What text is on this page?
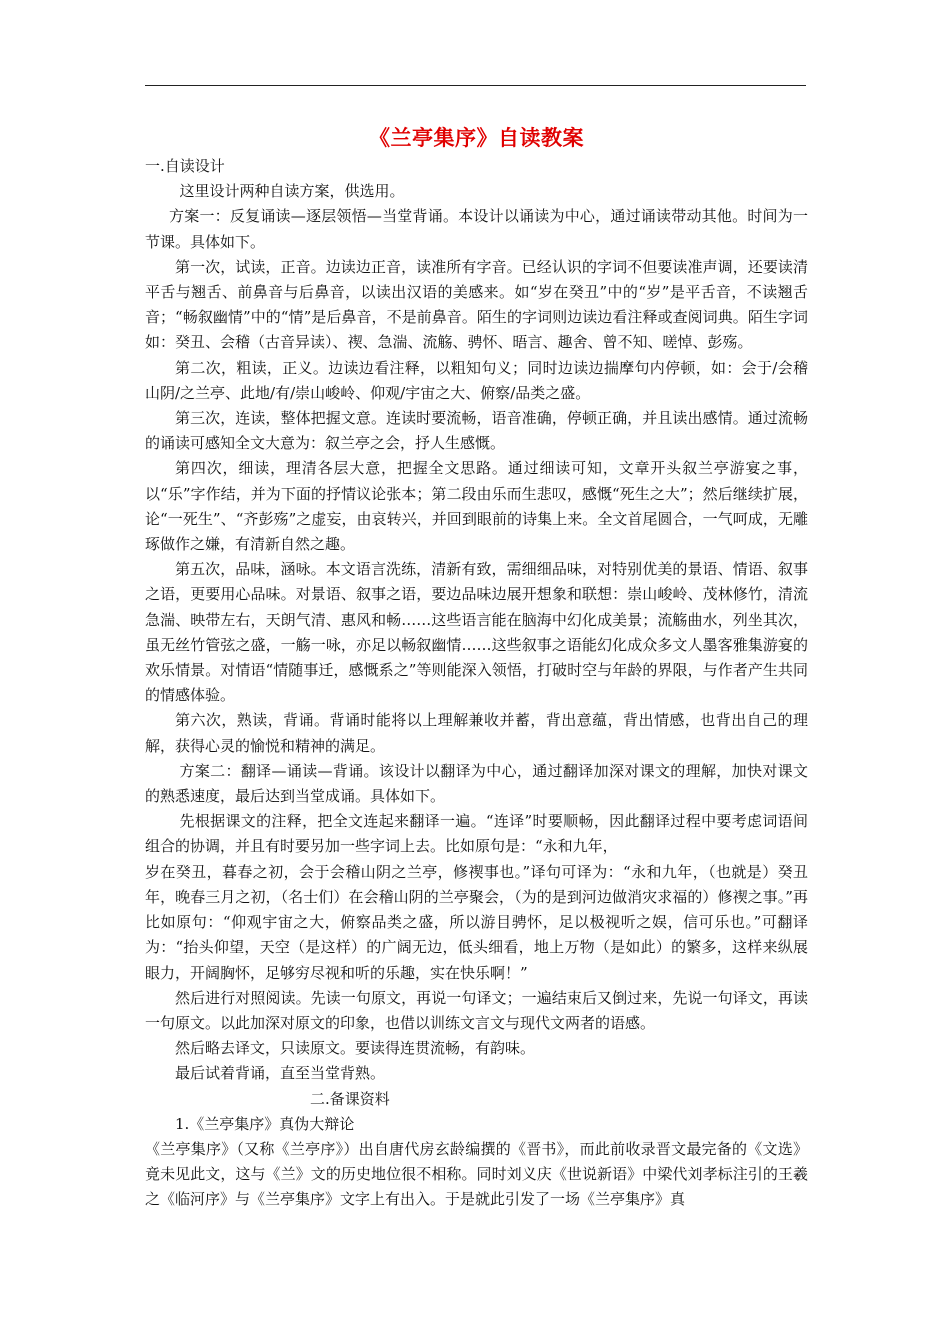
《兰亭集序》自读教案

一.自读设计

这里设计两种自读方案，供选用。

方案一：反复诵读—逐层领悟—当堂背诵。本设计以诵读为中心，通过诵读带动其他。时间为一节课。具体如下。

第一次，试读，正音。边读边正音，读准所有字音。已经认识的字词不但要读准声调，还要读清平舌与翘舌、前鼻音与后鼻音，以读出汉语的美感来。如“岁在癸丑”中的“岁”是平舌音，不读翘舌音；“畅叙幽情”中的“情”是后鼻音，不是前鼻音。陌生的字词则边读边看注释或查阅词典。陌生字词如：癸丑、会稽（古音异读）、禊、急湍、流觞、骋怀、晤言、趣舍、曾不知、嗟悼、彭殇。

第二次，粗读，正义。边读边看注释，以粗知句义；同时边读边揣摩句内停顿，如：会于/会稽山阴/之兰亭、此地/有/崇山峻岭、仰观/宇宙之大、俯察/品类之盛。

第三次，连读，整体把握文意。连读时要流畅，语音准确，停顿正确，并且读出感情。通过流畅的诵读可感知全文大意为：叙兰亭之会，抒人生感慨。

第四次，细读，理清各层大意，把握全文思路。通过细读可知，文章开头叙兰亭游宴之事，以“乐”字作结，并为下面的抒情议论张本；第二段由乐而生悲叹，感慨“死生之大”；然后继续扩展，论“一死生”、“齐彭殇”之虚妄，由哀转兴，并回到眼前的诗集上来。全文首尾圆合，一气呵成，无雕琢做作之嫌，有清新自然之趣。

第五次，品味，涵咏。本文语言洗练，清新有致，需细细品味，对特别优美的景语、情语、叙事之语，更要用心品味。对景语、叙事之语，要边品味边展开想象和联想：崇山峻岭、茂林修竹，清流急湍、映带左右，天朗气清、惠风和畅……这些语言能在脑海中幻化成美景；流觞曲水，列坐其次，虽无丝竹管弦之盛，一觞一咏，亦足以畅叙幽情……这些叙事之语能幻化成众多文人墨客雅集游宴的欢乐情景。对情语“情随事迁，感慨系之”等则能深入领悟，打破时空与年龄的界限，与作者产生共同的情感体验。

第六次，熟读，背诵。背诵时能将以上理解兼收并蓄，背出意蕴，背出情感，也背出自己的理解，获得心灵的愉悦和精神的满足。

方案二：翻译—诵读—背诵。该设计以翻译为中心，通过翻译加深对课文的理解，加快对课文的熟悉速度，最后达到当堂成诵。具体如下。

先根据课文的注释，把全文连起来翻译一遍。“连译”时要顺畅，因此翻译过程中要考虑词语间组合的协调，并且有时要另加一些字词上去。比如原句是：“永和九年，

岁在癸丑，暮春之初，会于会稽山阴之兰亭，修禊事也。”译句可译为：“永和九年，（也就是）癸丑年，晚春三月之初，（名士们）在会稽山阴的兰亭聚会，（为的是到河边做消灾求福的）修禊之事。”再比如原句：“仰观宇宙之大，俯察品类之盛，所以游目骋怀，足以极视听之娱，信可乐也。”可翻译为：“抬头仰望，天空（是这样）的广阔无边，低头细看，地上万物（是如此）的繁多，这样来纵展眼力，开阔胸怀，足够穷尽视和听的乐趣，实在快乐啊！”

然后进行对照阅读。先读一句原文，再说一句译文；一遍结束后又倒过来，先说一句译文，再读一句原文。以此加深对原文的印象，也借以训练文言文与现代文两者的语感。

然后略去译文，只读原文。要读得连贯流畅，有韵味。

最后试着背诵，直至当堂背熟。

二.备课资料

1.《兰亭集序》真伪大辩论

《兰亭集序》（又称《兰亭序》）出自唐代房玄龄编撰的《晋书》，而此前收录晋文最完备的《文选》竟未见此文，这与《兰》文的历史地位很不相称。同时刘义庆《世说新语》中梁代刘孝标注引的王羲之《临河序》与《兰亭集序》文字上有出入。于是就此引发了一场《兰亭集序》真
